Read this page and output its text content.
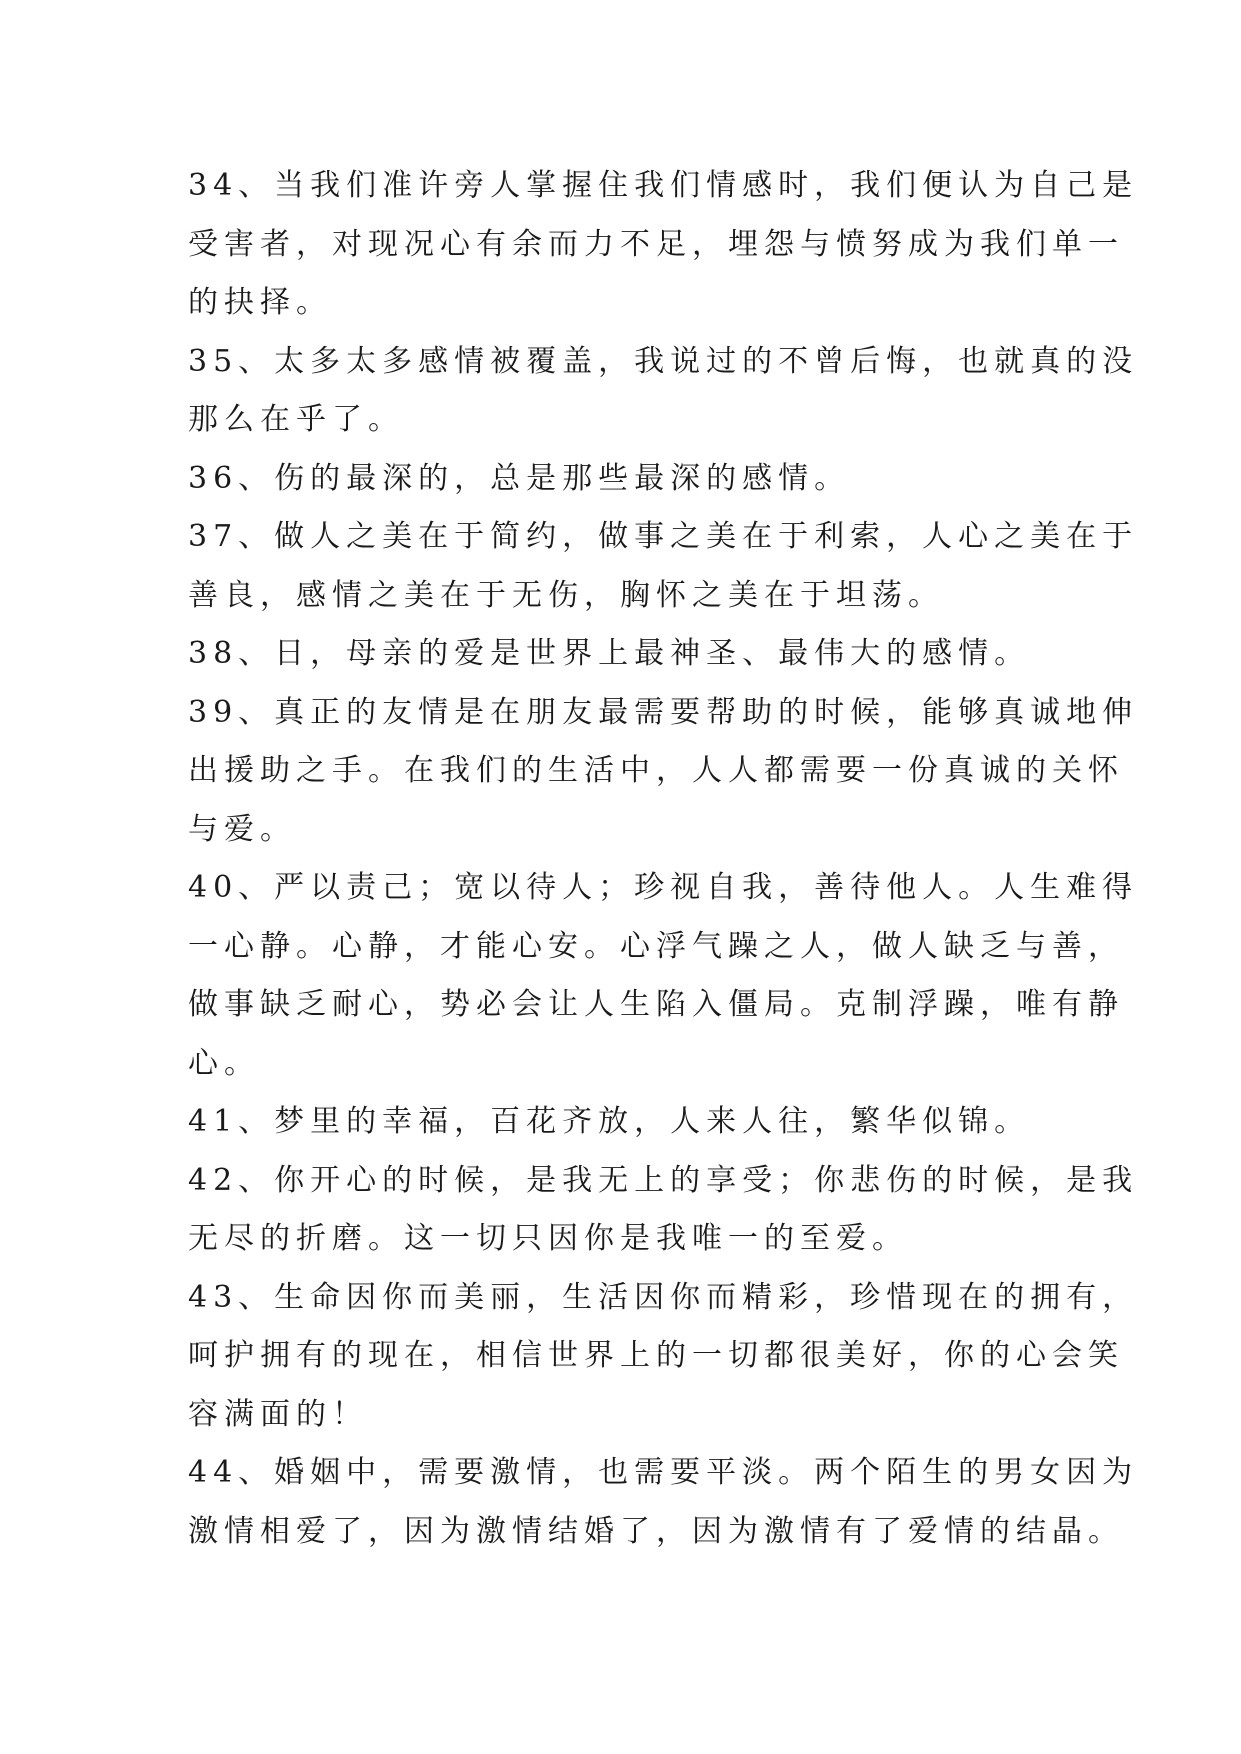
34、当我们准许旁人掌握住我们情感时，我们便认为自己是
受害者，对现况心有余而力不足，埋怨与愤努成为我们单一
的抉择。

35、太多太多感情被覆盖，我说过的不曾后悔，也就真的没
那么在乎了。

36、伤的最深的，总是那些最深的感情。

37、做人之美在于简约，做事之美在于利索，人心之美在于
善良，感情之美在于无伤，胸怀之美在于坦荡。

38、日，母亲的爱是世界上最神圣、最伟大的感情。

39、真正的友情是在朋友最需要帮助的时候，能够真诚地伸
出援助之手。在我们的生活中，人人都需要一份真诚的关怀
与爱。

40、严以责己；宽以待人；珍视自我，善待他人。人生难得
一心静。心静，才能心安。心浮气躁之人，做人缺乏与善，
做事缺乏耐心，势必会让人生陷入僵局。克制浮躁，唯有静
心。

41、梦里的幸福，百花齐放，人来人往，繁华似锦。

42、你开心的时候，是我无上的享受；你悲伤的时候，是我
无尽的折磨。这一切只因你是我唯一的至爱。

43、生命因你而美丽，生活因你而精彩，珍惜现在的拥有，
呵护拥有的现在，相信世界上的一切都很美好，你的心会笑
容满面的！

44、婚姻中，需要激情，也需要平淡。两个陌生的男女因为
激情相爱了，因为激情结婚了，因为激情有了爱情的结晶。
